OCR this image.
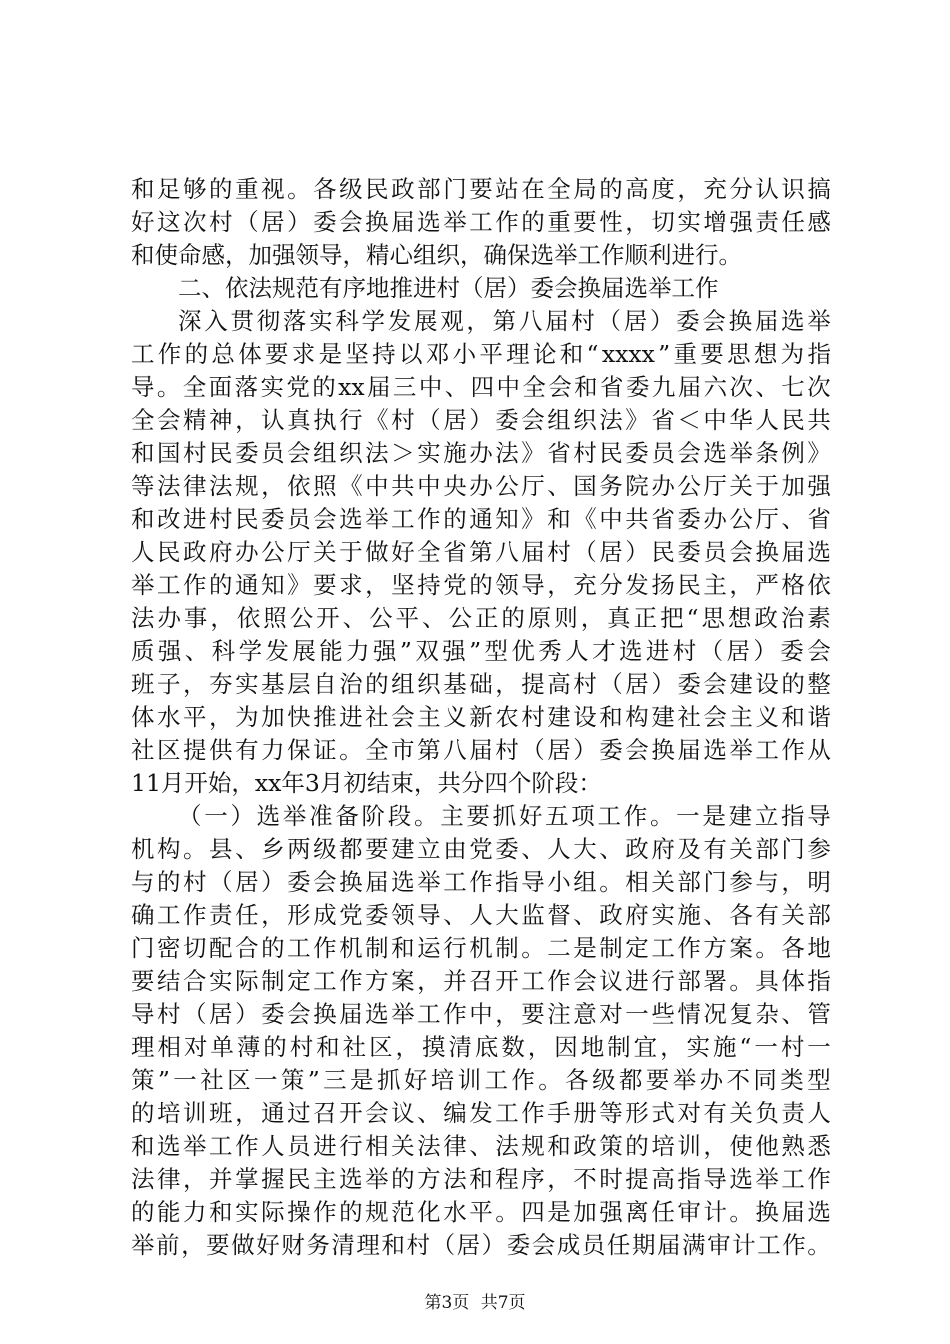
和 足 够 的 重 视 。 各 级 民 政 部 门 要 站 在 全 局 的 高 度 ， 充 分 认 识 搞
好 这 次 村 （ 居 ） 委 会 换 届 选 举 工 作 的 重 要 性 ， 切 实 增 强 责 任 感
和使命感，加强领导，精心组织，确保选举工作顺利进行。
二、依法规范有序地推进村（居）委会换届选举工作
深 入 贯 彻 落 实 科 学 发 展 观 ， 第 八 届 村 （ 居 ） 委 会 换 届 选 举
工 作 的 总 体 要 求 是 坚 持 以 邓 小 平 理 论 和 “ xxxx ” 重 要 思 想 为 指
导 。 全 面 落 实 党 的 xx 届 三 中 、 四 中 全 会 和 省 委 九 届 六 次 、 七 次
全 会 精 神 ， 认 真 执 行 《 村 （ 居 ） 委 会 组 织 法 》 省 ＜ 中 华 人 民 共
和 国 村 民 委 员 会 组 织 法 ＞ 实 施 办 法 》 省 村 民 委 员 会 选 举 条 例 》
等 法 律 法 规 ， 依 照 《 中 共 中 央 办 公 厅 、 国 务 院 办 公 厅 关 于 加 强
和 改 进 村 民 委 员 会 选 举 工 作 的 通 知 》 和 《 中 共 省 委 办 公 厅 、 省
人 民 政 府 办 公 厅 关 于 做 好 全 省 第 八 届 村 （ 居 ） 民 委 员 会 换 届 选
举 工 作 的 通 知 》 要 求 ， 坚 持 党 的 领 导 ， 充 分 发 扬 民 主 ， 严 格 依
法 办 事 ， 依 照 公 开 、 公 平 、 公 正 的 原 则 ， 真 正 把 “ 思 想 政 治 素
质 强 、 科 学 发 展 能 力 强 ” 双 强 ” 型 优 秀 人 才 选 进 村 （ 居 ） 委 会
班 子 ， 夯 实 基 层 自 治 的 组 织 基 础 ， 提 高 村 （ 居 ） 委 会 建 设 的 整
体 水 平 ， 为 加 快 推 进 社 会 主 义 新 农 村 建 设 和 构 建 社 会 主 义 和 谐
社 区 提 供 有 力 保 证 。 全 市 第 八 届 村 （ 居 ） 委 会 换 届 选 举 工 作 从
11月开始，xx年3月初结束，共分四个阶段：
（ 一 ） 选 举 准 备 阶 段 。 主 要 抓 好 五 项 工 作 。 一 是 建 立 指 导
机 构 。 县 、 乡 两 级 都 要 建 立 由 党 委 、 人 大 、 政 府 及 有 关 部 门 参
与 的 村 （ 居 ） 委 会 换 届 选 举 工 作 指 导 小 组 。 相 关 部 门 参 与 ， 明
确 工 作 责 任 ， 形 成 党 委 领 导 、 人 大 监 督 、 政 府 实 施 、 各 有 关 部
门 密 切 配 合 的 工 作 机 制 和 运 行 机 制 。 二 是 制 定 工 作 方 案 。 各 地
要 结 合 实 际 制 定 工 作 方 案 ， 并 召 开 工 作 会 议 进 行 部 署 。 具 体 指
导 村 （ 居 ） 委 会 换 届 选 举 工 作 中 ， 要 注 意 对 一 些 情 况 复 杂 、 管
理 相 对 单 薄 的 村 和 社 区 ， 摸 清 底 数 ， 因 地 制 宜 ， 实 施 “ 一 村 一
策 ” 一 社 区 一 策 ” 三 是 抓 好 培 训 工 作 。 各 级 都 要 举 办 不 同 类 型
的 培 训 班 ， 通 过 召 开 会 议 、 编 发 工 作 手 册 等 形 式 对 有 关 负 责 人
和 选 举 工 作 人 员 进 行 相 关 法 律 、 法 规 和 政 策 的 培 训 ， 使 他 熟 悉
法 律 ， 并 掌 握 民 主 选 举 的 方 法 和 程 序 ， 不 时 提 高 指 导 选 举 工 作
的 能 力 和 实 际 操 作 的 规 范 化 水 平 。 四 是 加 强 离 任 审 计 。 换 届 选
举 前 ， 要 做 好 财 务 清 理 和 村 （ 居 ） 委 会 成 员 任 期 届 满 审 计 工 作 。
第3页 共7页
